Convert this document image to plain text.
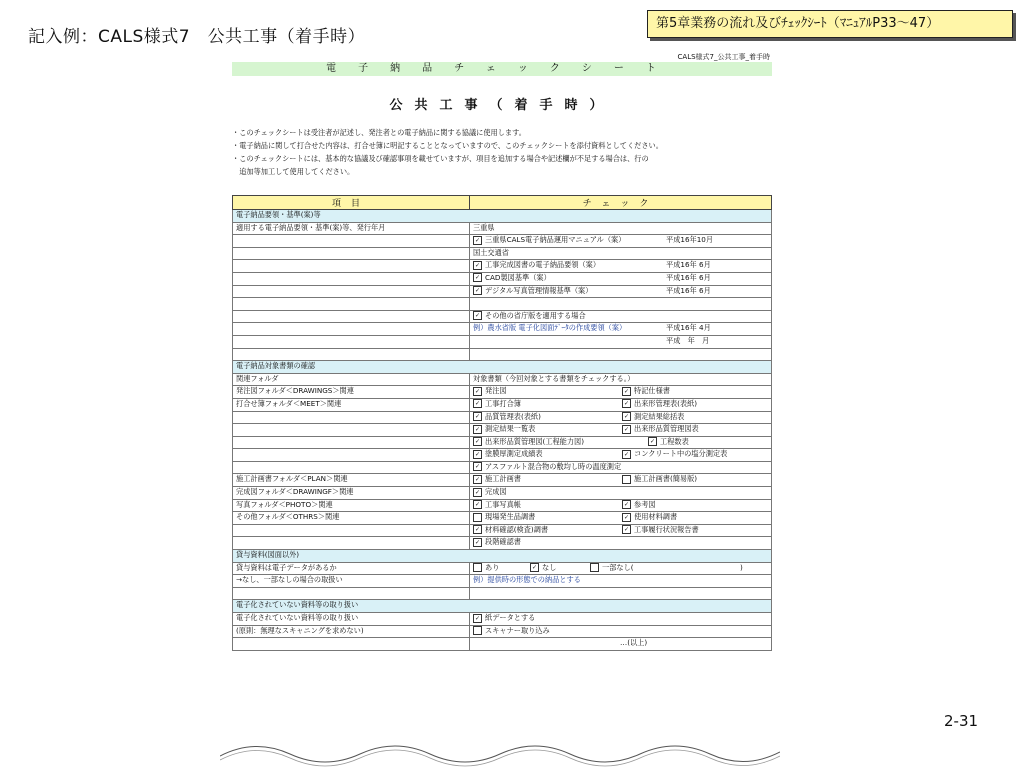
記入例：CALS様式7　公共工事（着手時）
第5章業務の流れ及びﾁｪｯｸｼｰﾄ（ﾏﾆｭｱﾙP33～47）
2-31
CALS様式7_公共工事_着手時
電子納品チェックシート
公共工事（着手時）
・このチェックシートは受注者が記述し、発注者との電子納品に関する協議に使用します。
・電子納品に関して打合せた内容は、打合せ簿に明記することとなっていますので、このチェックシートを添付資料としてください。
・このチェックシートには、基本的な協議及び確認事項を載せていますが、項目を追加する場合や記述欄が不足する場合は、行の
　追加等加工して使用してください。
項目	チェック
電子納品要領・基準(案)等	
適用する電子納品要領・基準(案)等、発行年月	三重県
	✓ 三重県CALS電子納品運用マニュアル（案） 平成16年10月

	国土交通省
	✓ 工事完成図書の電子納品要領（案） 平成16年 6月

	✓ CAD製図基準（案） 平成16年 6月

	✓ デジタル写真管理情報基準（案） 平成16年 6月

	✓ その他の省庁版を適用する場合
	例）農水省版 電子化図面ﾃﾞｰﾀの作成要領（案） 平成16年 4月

	平成　年　月

電子納品対象書類の確認	
関連フォルダ	対象書類（今回対象とする書類をチェックする。）
発注図フォルダ＜DRAWINGS＞関連	✓ 発注図 ✓ 特記仕様書

打合せ簿フォルダ＜MEET＞関連	✓ 工事打合簿 ✓ 出来形管理表(表紙)

	✓ 品質管理表(表紙) ✓ 測定結果総括表

	✓ 測定結果一覧表 ✓ 出来形品質管理図表

	✓ 出来形品質管理図(工程能力図) ✓ 工程数表

	✓ 塗膜厚測定成績表 ✓ コンクリート中の塩分測定表

	✓ アスファルト混合物の敷均し時の温度測定
施工計画書フォルダ＜PLAN＞関連	✓ 施工計画書 施工計画書(簡易版)

完成図フォルダ＜DRAWINGF＞関連	✓ 完成図
写真フォルダ＜PHOTO＞関連	✓ 工事写真帳 ✓ 参考図

その他フォルダ＜OTHRS＞関連	現場発生品調書 ✓ 使用材料調書

	✓ 材料確認(検査)調書 ✓ 工事履行状況報告書

	✓ 段階確認書
貸与資料(図面以外)	
貸与資料は電子データがあるか	あり ✓ なし 一部なし( )

→なし、一部なしの場合の取扱い	例）提供時の形態での納品とする

電子化されていない資料等の取り扱い	
電子化されていない資料等の取り扱い	✓ 紙データとする
(原則：無理なスキャニングを求めない)	スキャナー取り込み

	…(以上)
